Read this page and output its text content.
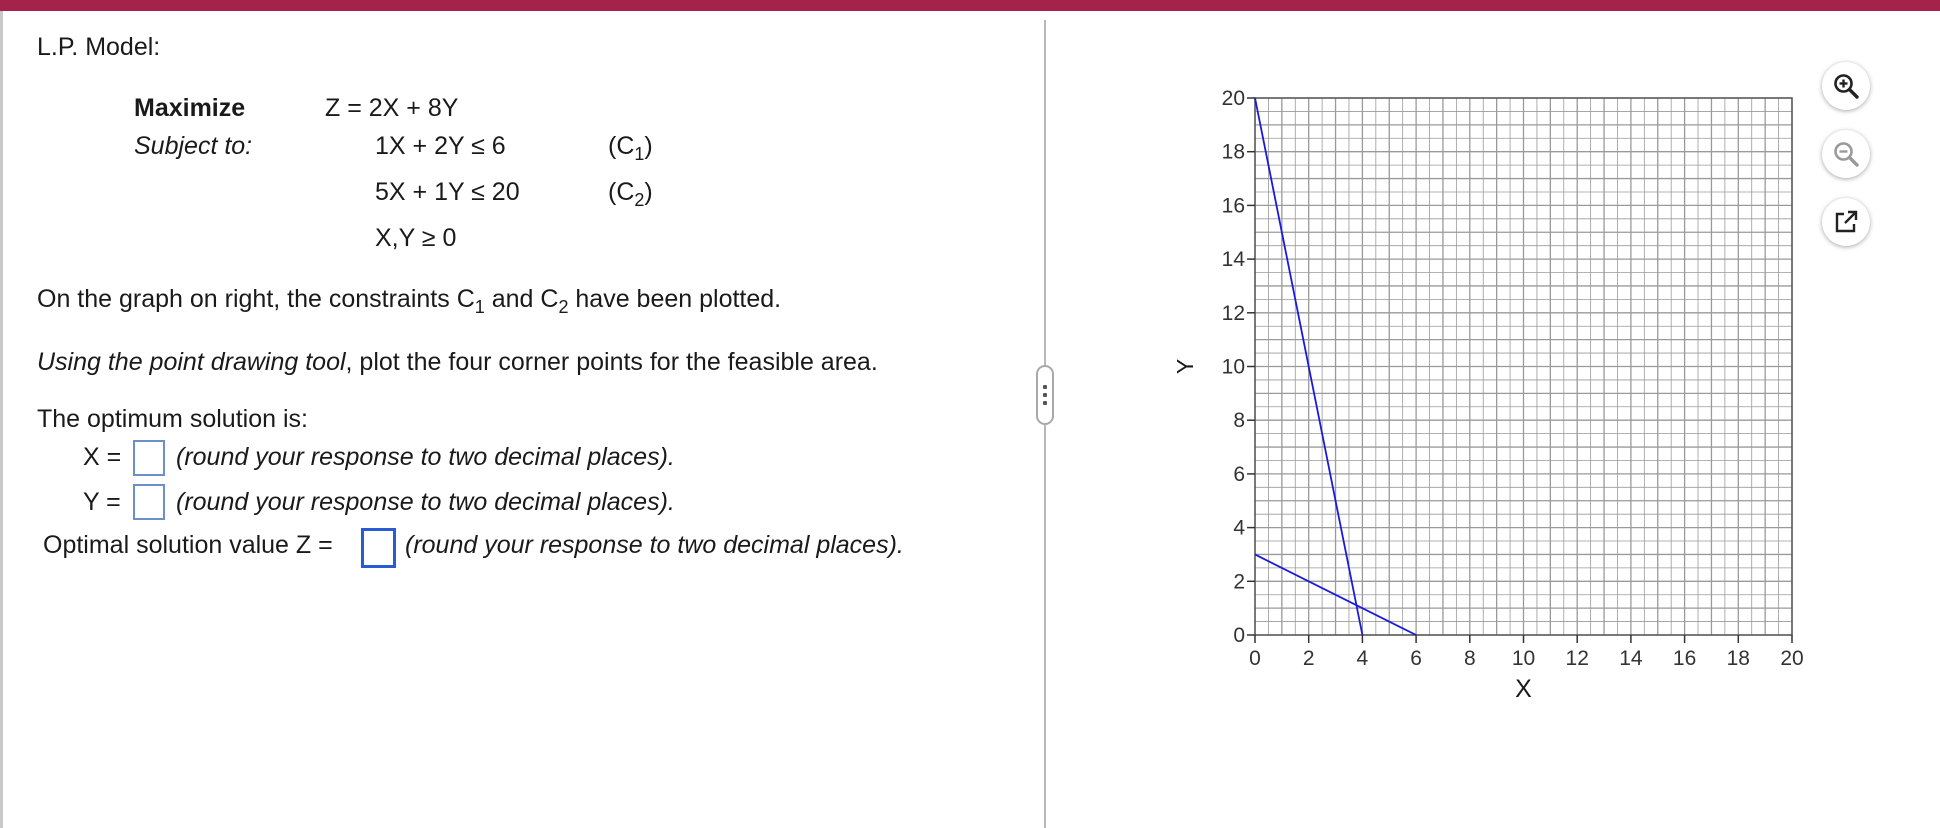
L.P. Model:
Maximize	Z = 2X + 8Y
Subject to:	1X + 2Y ≤ 6	$(C_1)$
5X + 1Y ≤ 20	$(C_2)$
X,Y ≥ 0
On the graph on right, the constraints $C_1$ and $C_2$ have been plotted.
Using the point drawing tool, plot the four corner points for the feasible area.
The optimum solution is:
X = (round your response to two decimal places).
Y = (round your response to two decimal places).
Optimal solution value Z =	(round your response to two decimal places).
0 2 4 6 8 10 12 14 16 18 20
0
2
4
6
8
10
12
14
16
18
20
X
Y
